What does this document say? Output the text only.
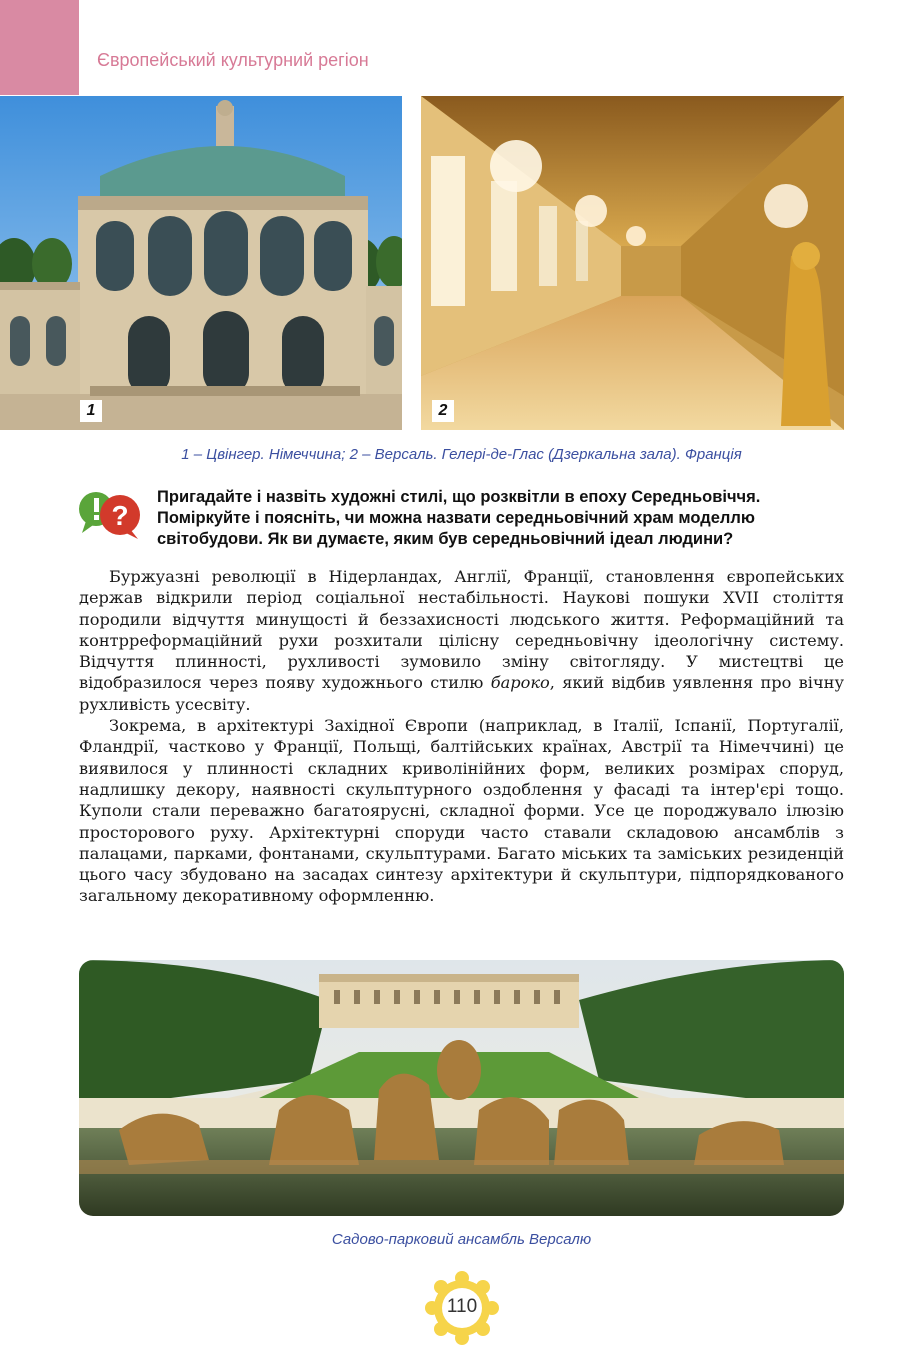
Європейський культурний регіон
1	2
1 – Цвінгер. Німеччина; 2 – Версаль. Гелері-де-Глас (Дзеркальна зала). Франція
?
Пригадайте і назвіть художні стилі, що розквітли в епоху Середньовіччя. Поміркуйте і поясніть, чи можна назвати середньовічний храм моделлю світобудови. Як ви думаєте, яким був середньовічний ідеал людини?

Буржуазні революції в Нідерландах, Англії, Франції, становлення європейських держав відкрили період соціальної нестабільності. Наукові пошуки XVII століття породили відчуття минущості й беззахисності людського життя. Реформаційний та контрреформаційний рухи розхитали цілісну середньовічну ідеологічну систему. Відчуття плинності, рухливості зумовило зміну світогляду. У мистецтві це відобразилося через появу художнього стилю бароко, який відбив уявлення про вічну рухливість усесвіту.

Зокрема, в архітектурі Західної Європи (наприклад, в Італії, Іспанії, Португалії, Фландрії, частково у Франції, Польщі, балтійських країнах, Австрії та Німеччині) це виявилося у плинності складних криволінійних форм, великих розмірах споруд, надлишку декору, наявності скульптурного оздоблення у фасаді та інтер'єрі тощо. Куполи стали переважно багатоярусні, складної форми. Усе це породжувало ілюзію просторового руху. Архітектурні споруди часто ставали складовою ансамблів з палацами, парками, фонтанами, скульптурами. Багато міських та заміських резиденцій цього часу збудовано на засадах синтезу архітектури й скульптури, підпорядкованого загальному декоративному оформленню.

Садово-парковий ансамбль Версалю
110
